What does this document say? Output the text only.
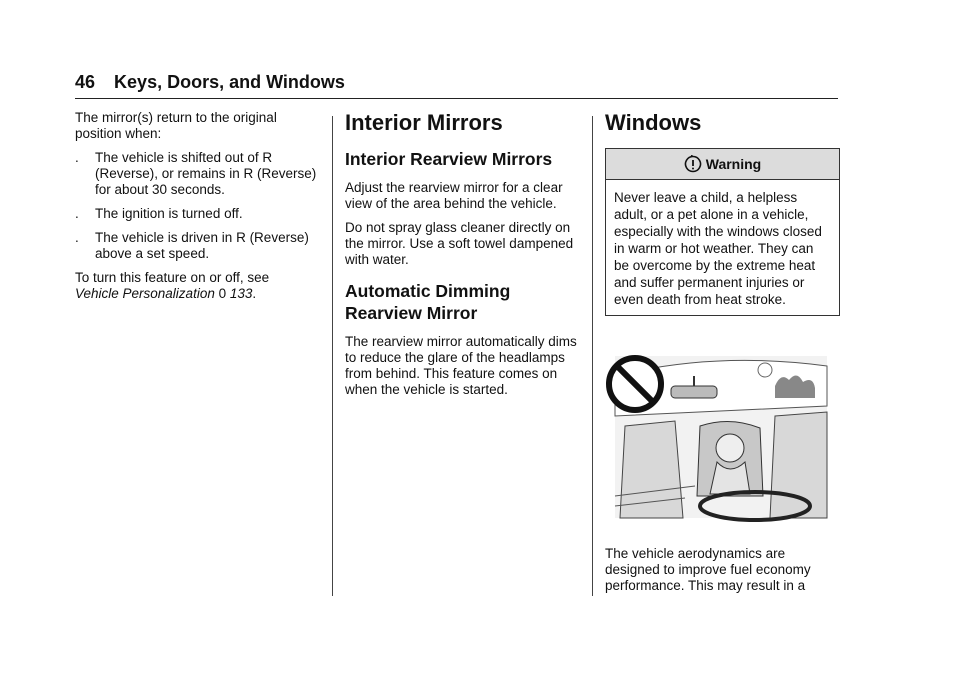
46 Keys, Doors, and Windows

The mirror(s) return to the original position when:

.	The vehicle is shifted out of R (Reverse), or remains in R (Reverse) for about 30 seconds.
.	The ignition is turned off.
.	The vehicle is driven in R (Reverse) above a set speed.

To turn this feature on or off, see
Vehicle Personalization 0 133.

Interior Mirrors
Interior Rearview Mirrors

Adjust the rearview mirror for a clear view of the area behind the vehicle.

Do not spray glass cleaner directly on the mirror. Use a soft towel dampened with water.

Automatic Dimming Rearview Mirror

The rearview mirror automatically dims to reduce the glare of the headlamps from behind. This feature comes on when the vehicle is started.

Windows
Warning
Never leave a child, a helpless adult, or a pet alone in a vehicle, especially with the windows closed in warm or hot weather. They can be overcome by the extreme heat and suffer permanent injuries or even death from heat stroke.

The vehicle aerodynamics are designed to improve fuel economy performance. This may result in a
